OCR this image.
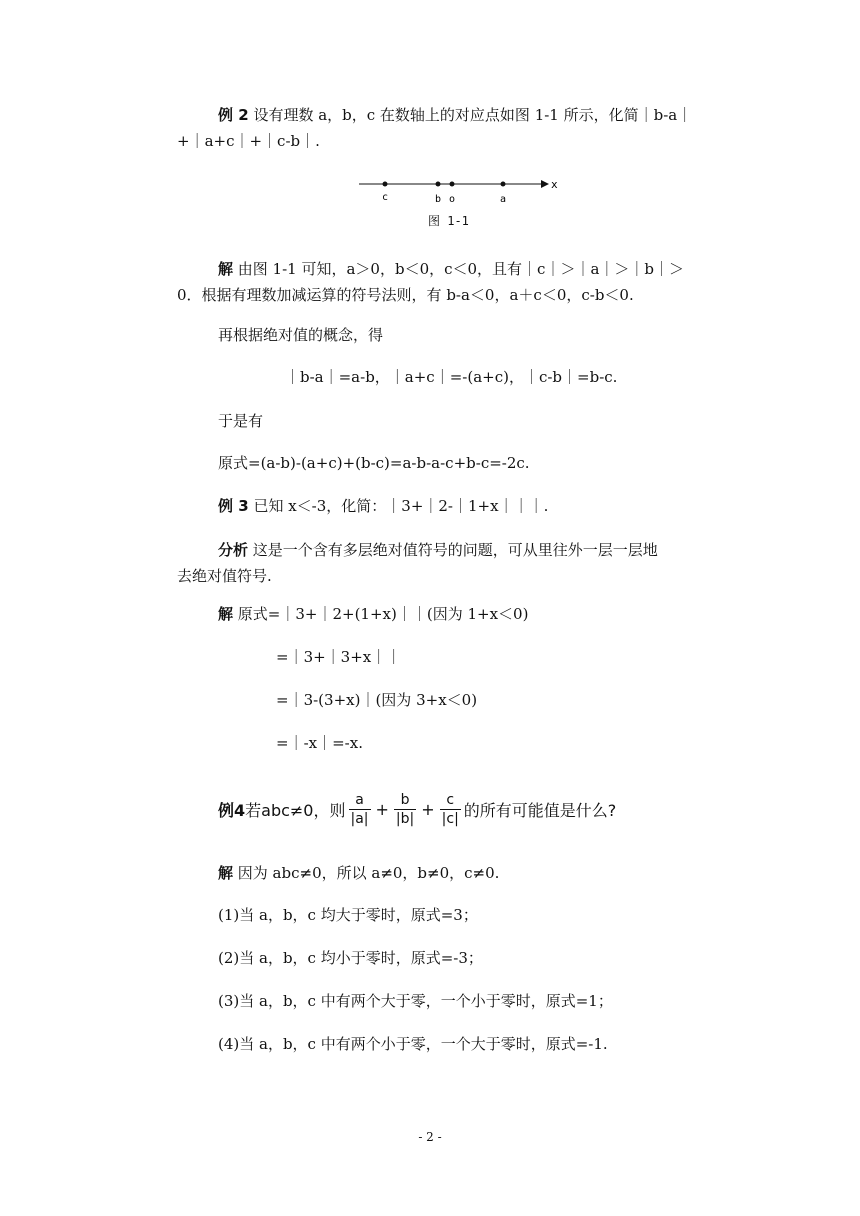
例 2 设有理数 a，b，c 在数轴上的对应点如图 1-1 所示，化简｜b-a｜

+｜a+c｜+｜c-b｜.

x
c	b o	a
图 1-1

解 由图 1-1 可知，a＞0，b＜0，c＜0，且有｜c｜＞｜a｜＞｜b｜＞

0．根据有理数加减运算的符号法则，有 b-a＜0，a＋c＜0，c-b＜0.

再根据绝对值的概念，得

｜b-a｜=a-b，｜a+c｜=-(a+c)，｜c-b｜=b-c.

于是有

原式=(a-b)-(a+c)+(b-c)=a-b-a-c+b-c=-2c.

例 3 已知 x＜-3，化简：｜3+｜2-｜1+x｜｜｜.

分析 这是一个含有多层绝对值符号的问题，可从里往外一层一层地

去绝对值符号.

解 原式=｜3+｜2+(1+x)｜｜(因为 1+x＜0)

=｜3+｜3+x｜｜

=｜3-(3+x)｜(因为 3+x＜0)

=｜-x｜=-x.

例4 若abc≠0，则 $\frac{a}{|a|} + \frac{b}{|b|} + \frac{c}{|c|}$ 的所有可能值是什么?

解 因为 abc≠0，所以 a≠0，b≠0，c≠0.

(1)当 a，b，c 均大于零时，原式=3；

(2)当 a，b，c 均小于零时，原式=-3；

(3)当 a，b，c 中有两个大于零，一个小于零时，原式=1；

(4)当 a，b，c 中有两个小于零，一个大于零时，原式=-1.

- 2 -
